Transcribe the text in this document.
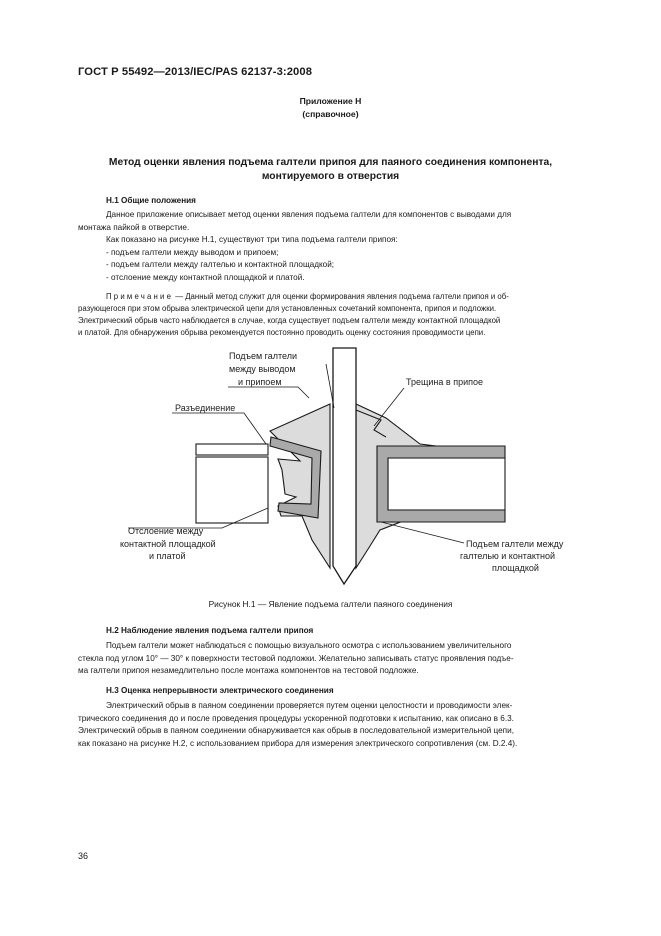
ГОСТ Р 55492—2013/IEC/PAS 62137-3:2008
Приложение Н
(справочное)
Метод оценки явления подъема галтели припоя для паяного соединения компонента,
монтируемого в отверстия
Н.1 Общие положения

Данное приложение описывает метод оценки явления подъема галтели для компонентов с выводами для

монтажа пайкой в отверстие.

Как показано на рисунке Н.1, существуют три типа подъема галтели припоя:

- подъем галтели между выводом и припоем;

- подъем галтели между галтелью и контактной площадкой;

- отслоение между контактной площадкой и платой.

Примечание — Данный метод служит для оценки формирования явления подъема галтели припоя и об-

разующегося при этом обрыва электрической цепи для установленных сочетаний компонента, припоя и подложки.

Электрический обрыв часто наблюдается в случае, когда существует подъем галтели между контактной площадкой

и платой. Для обнаружения обрыва рекомендуется постоянно проводить оценку состояния проводимости цепи.

Подъем галтели
между выводом
и припоем	Трещина в припое
Разъединение
Отслоение между
контактной площадкой
и платой
Подъем галтели между
галтелью и контактной
площадкой
Рисунок Н.1 — Явление подъема галтели паяного соединения
Н.2 Наблюдение явления подъема галтели припоя

Подъем галтели может наблюдаться с помощью визуального осмотра с использованием увеличительного

стекла под углом 10° — 30° к поверхности тестовой подложки. Желательно записывать статус проявления подъе-

ма галтели припоя незамедлительно после монтажа компонентов на тестовой подложке.

Н.3 Оценка непрерывности электрического соединения

Электрический обрыв в паяном соединении проверяется путем оценки целостности и проводимости элек-

трического соединения до и после проведения процедуры ускоренной подготовки к испытанию, как описано в 6.3.

Электрический обрыв в паяном соединении обнаруживается как обрыв в последовательной измерительной цепи,

как показано на рисунке Н.2, с использованием прибора для измерения электрического сопротивления (см. D.2.4).

36
